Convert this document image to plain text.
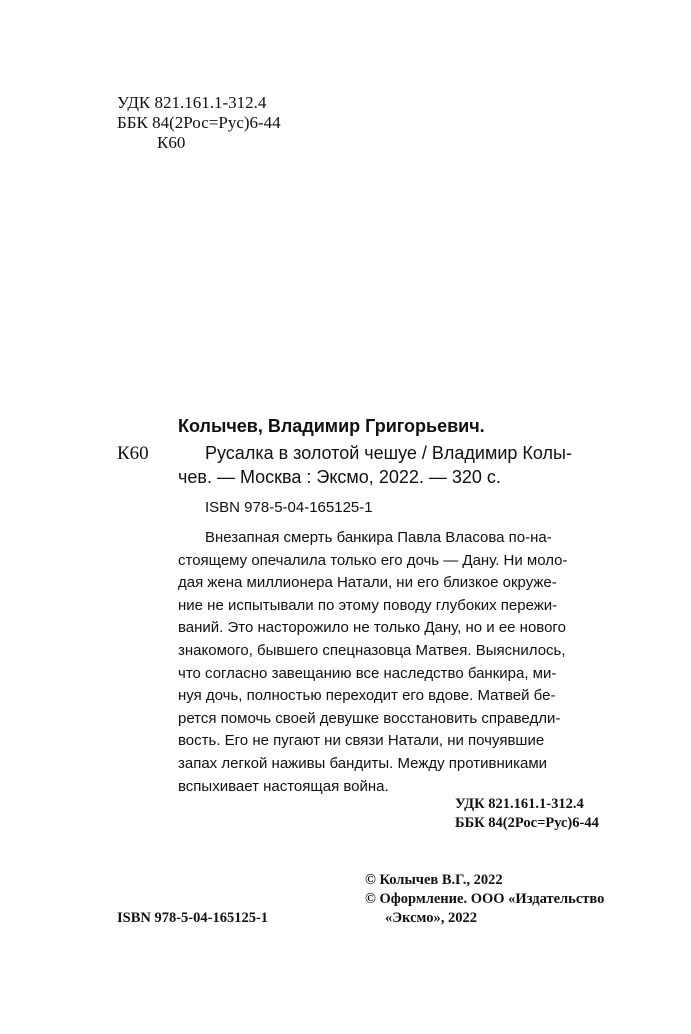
УДК 821.161.1-312.4
ББК 84(2Рос=Рус)6-44
К60
Колычев, Владимир Григорьевич.
К60	Русалка в золотой чешуе / Владимир Колы-
чев. — Москва : Эксмо, 2022. — 320 с.
ISBN 978-5-04-165125-1
Внезапная смерть банкира Павла Власова по-на-
стоящему опечалила только его дочь — Дану. Ни моло-
дая жена миллионера Натали, ни его близкое окруже-
ние не испытывали по этому поводу глубоких пережи-
ваний. Это насторожило не только Дану, но и ее нового
знакомого, бывшего спецназовца Матвея. Выяснилось,
что согласно завещанию все наследство банкира, ми-
нуя дочь, полностью переходит его вдове. Матвей бе-
рется помочь своей девушке восстановить справедли-
вость. Его не пугают ни связи Натали, ни почуявшие
запах легкой наживы бандиты. Между противниками
вспыхивает настоящая война.
УДК 821.161.1-312.4
ББК 84(2Рос=Рус)6-44
© Колычев В.Г., 2022
© Оформление. ООО «Издательство
«Эксмо», 2022
ISBN 978-5-04-165125-1
